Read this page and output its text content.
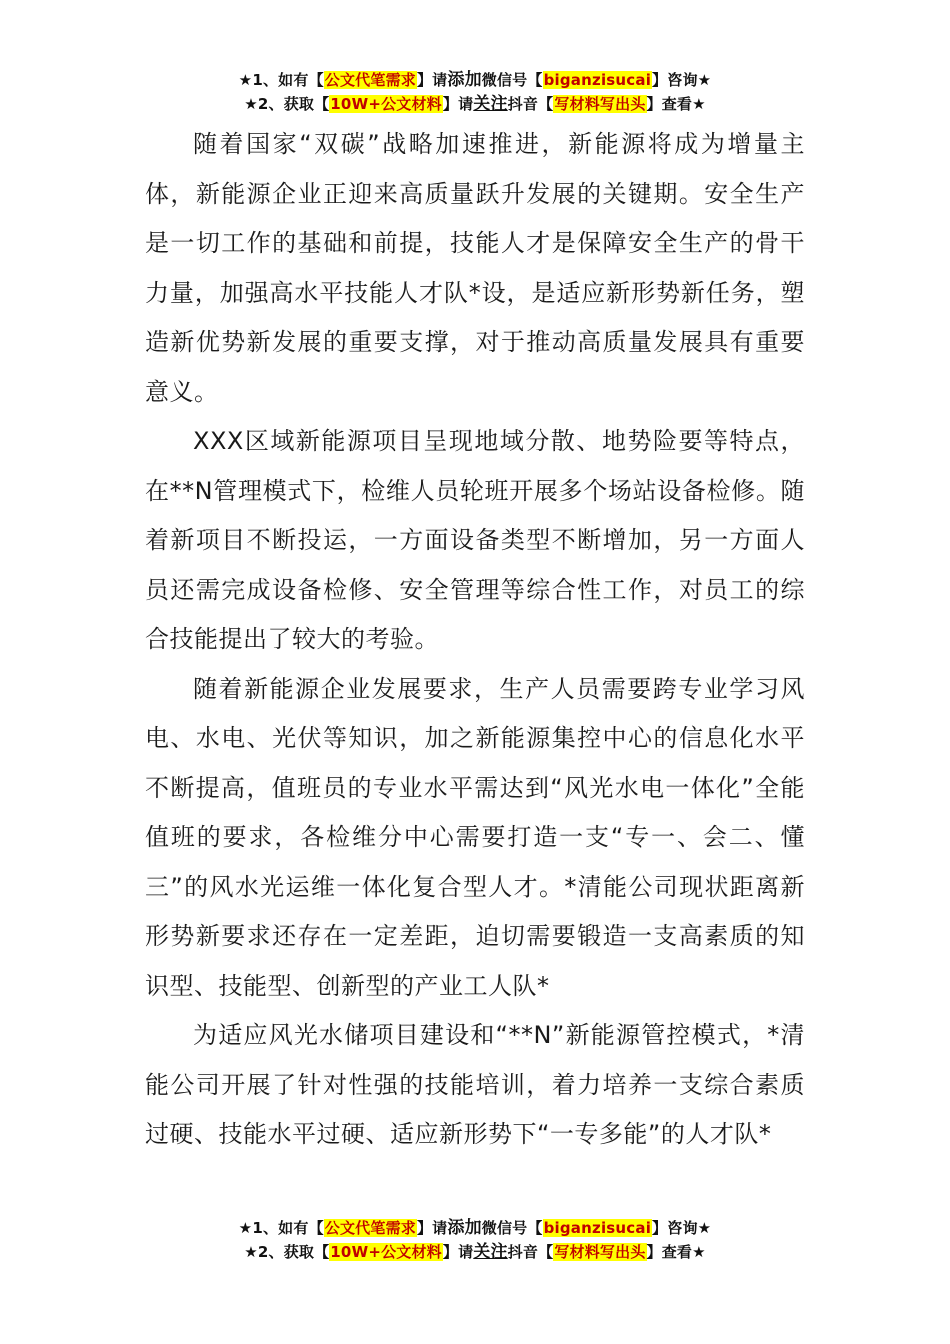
★1、如有【公文代笔需求】请添加微信号【biganzisucai】咨询★
★2、获取【10W+公文材料】请关注抖音【写材料写出头】查看★

随着国家“双碳”战略加速推进，新能源将成为增量主体，新能源企业正迎来高质量跃升发展的关键期。安全生产是一切工作的基础和前提，技能人才是保障安全生产的骨干力量，加强高水平技能人才队*设，是适应新形势新任务，塑造新优势新发展的重要支撑，对于推动高质量发展具有重要意义。

XXX区域新能源项目呈现地域分散、地势险要等特点，在**N管理模式下，检维人员轮班开展多个场站设备检修。随着新项目不断投运，一方面设备类型不断增加，另一方面人员还需完成设备检修、安全管理等综合性工作，对员工的综合技能提出了较大的考验。

随着新能源企业发展要求，生产人员需要跨专业学习风电、水电、光伏等知识，加之新能源集控中心的信息化水平不断提高，值班员的专业水平需达到“风光水电一体化”全能值班的要求，各检维分中心需要打造一支“专一、会二、懂三”的风水光运维一体化复合型人才。*清能公司现状距离新形势新要求还存在一定差距，迫切需要锻造一支高素质的知识型、技能型、创新型的产业工人队*

为适应风光水储项目建设和“**N”新能源管控模式，*清能公司开展了针对性强的技能培训，着力培养一支综合素质过硬、技能水平过硬、适应新形势下“一专多能”的人才队*

★1、如有【公文代笔需求】请添加微信号【biganzisucai】咨询★
★2、获取【10W+公文材料】请关注抖音【写材料写出头】查看★
